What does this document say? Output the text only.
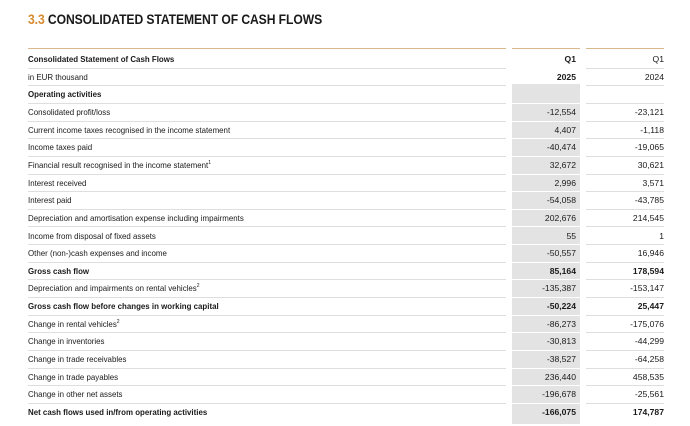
3.3 CONSOLIDATED STATEMENT OF CASH FLOWS
Consolidated Statement of Cash Flows	Q1	Q1
in EUR thousand	2025	2024
Operating activities
Consolidated profit/loss	-12,554	-23,121
Current income taxes recognised in the income statement	4,407	-1,118
Income taxes paid	-40,474	-19,065
Financial result recognised in the income statement$^1$	32,672	30,621
Interest received	2,996	3,571
Interest paid	-54,058	-43,785
Depreciation and amortisation expense including impairments	202,676	214,545
Income from disposal of fixed assets	55	1
Other (non-)cash expenses and income	-50,557	16,946
Gross cash flow	85,164	178,594
Depreciation and impairments on rental vehicles$^2$	-135,387	-153,147
Gross cash flow before changes in working capital	-50,224	25,447
Change in rental vehicles$^2$	-86,273	-175,076
Change in inventories	-30,813	-44,299
Change in trade receivables	-38,527	-64,258
Change in trade payables	236,440	458,535
Change in other net assets	-196,678	-25,561
Net cash flows used in/from operating activities	-166,075	174,787
